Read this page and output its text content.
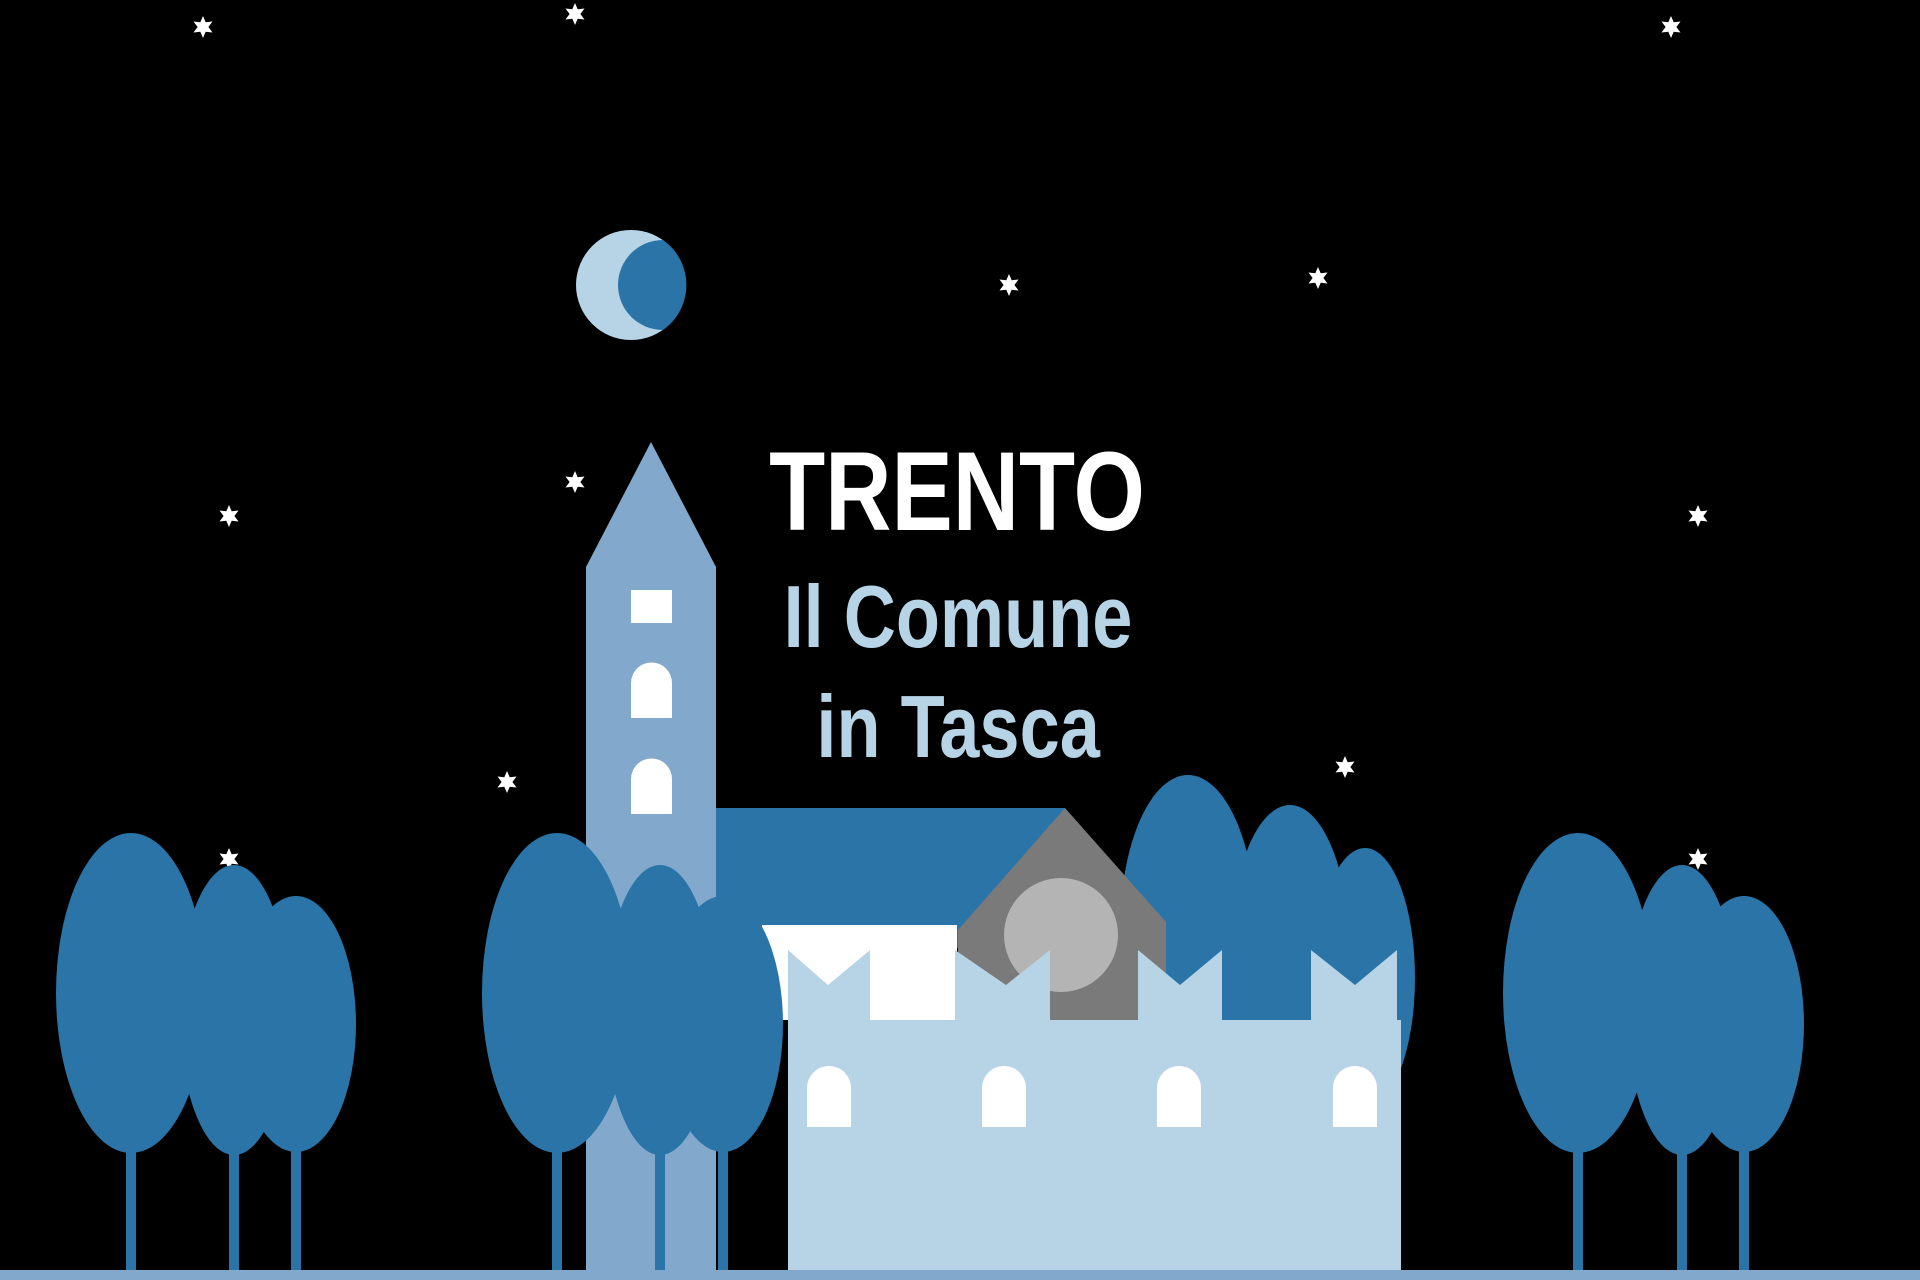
TRENTO
Il Comune
in Tasca
